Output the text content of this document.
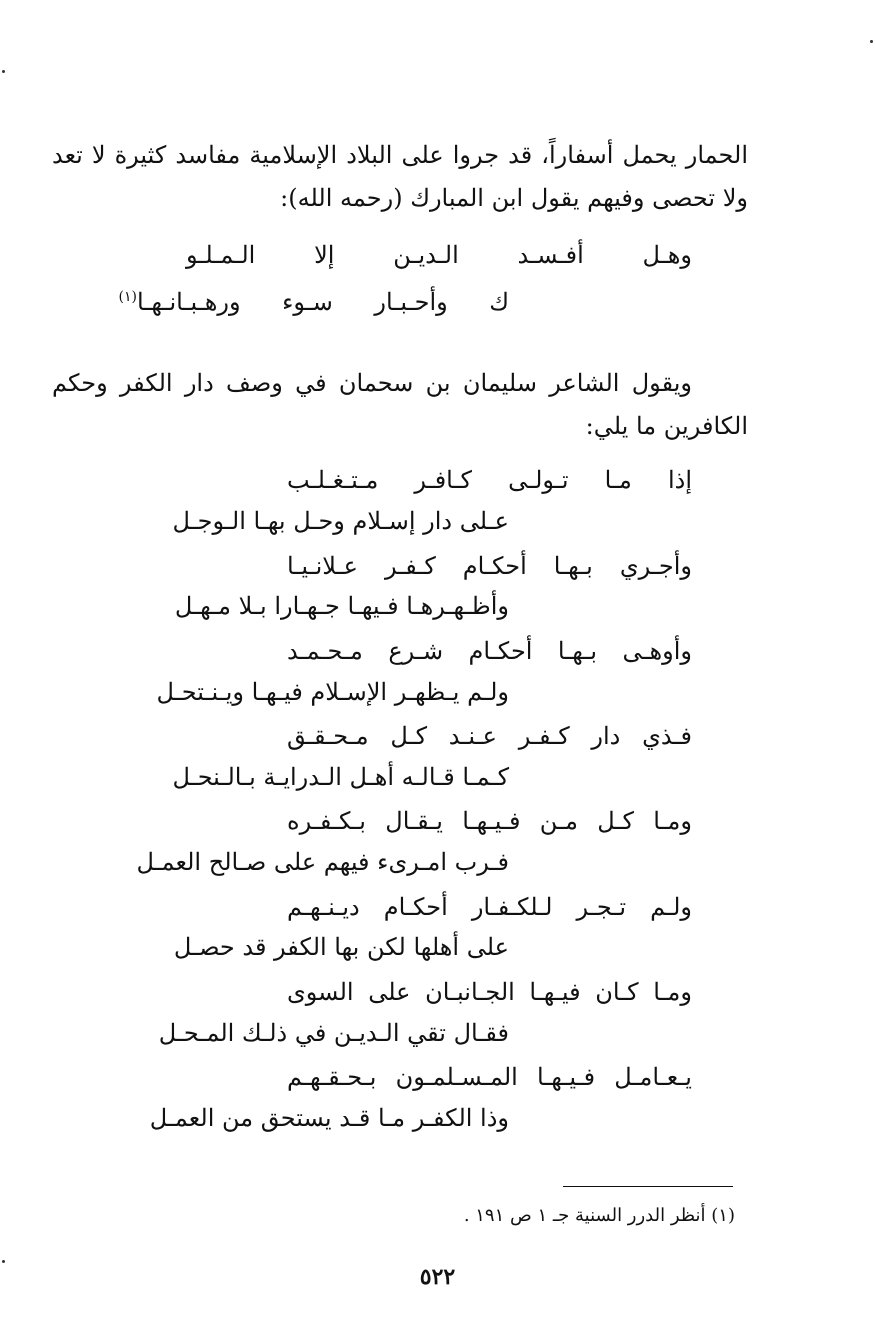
الحمار يحمل أسفاراً، قد جروا على البلاد الإسلامية مفاسد كثيرة لا تعد ولا تحصى وفيهم يقول ابن المبارك (رحمه الله):
وهـل أفـسـد الـديـن إلا الـمـلـو
ك وأحـبـار سـوء ورهـبـانـهـا$^{(١)}$
ويقول الشاعر سليمان بن سحمان في وصف دار الكفر وحكم
الكافرين ما يلي:
إذا مـا تـولـى كـافـر مـتـغـلـب
عـلى دار إسـلام وحـل بهـا الـوجـل
وأجـري بـهـا أحكـام كـفـر عـلانـيـا
وأظـهـرهـا فـيهـا جـهـارا بـلا مـهـل
وأوهـى بـهـا أحكـام شـرع مـحـمـد
ولـم يـظهـر الإسـلام فيـهـا ويـنـتحـل
فـذي دار كـفـر عـنـد كـل مـحـقـق
كـمـا قـالـه أهـل الـدرايـة بـالـنحـل
ومـا كـل مـن فـيـهـا يـقـال بـكـفـره
فـرب امـرىء فيهم على صـالح العمـل
ولـم تـجـر لـلكـفـار أحكـام ديـنـهـم
على أهلها لكن بها الكفر قد حصـل
ومـا كـان فيـهـا الجـانبـان على السوى
فقـال تقي الـديـن في ذلـك المـحـل
يـعـامـل فـيـهـا المـسـلمـون بـحـقـهـم
وذا الكفـر مـا قـد يستحق من العمـل
(١) أنظر الدرر السنية جـ ١ ص ١٩١ .
٥٢٢
